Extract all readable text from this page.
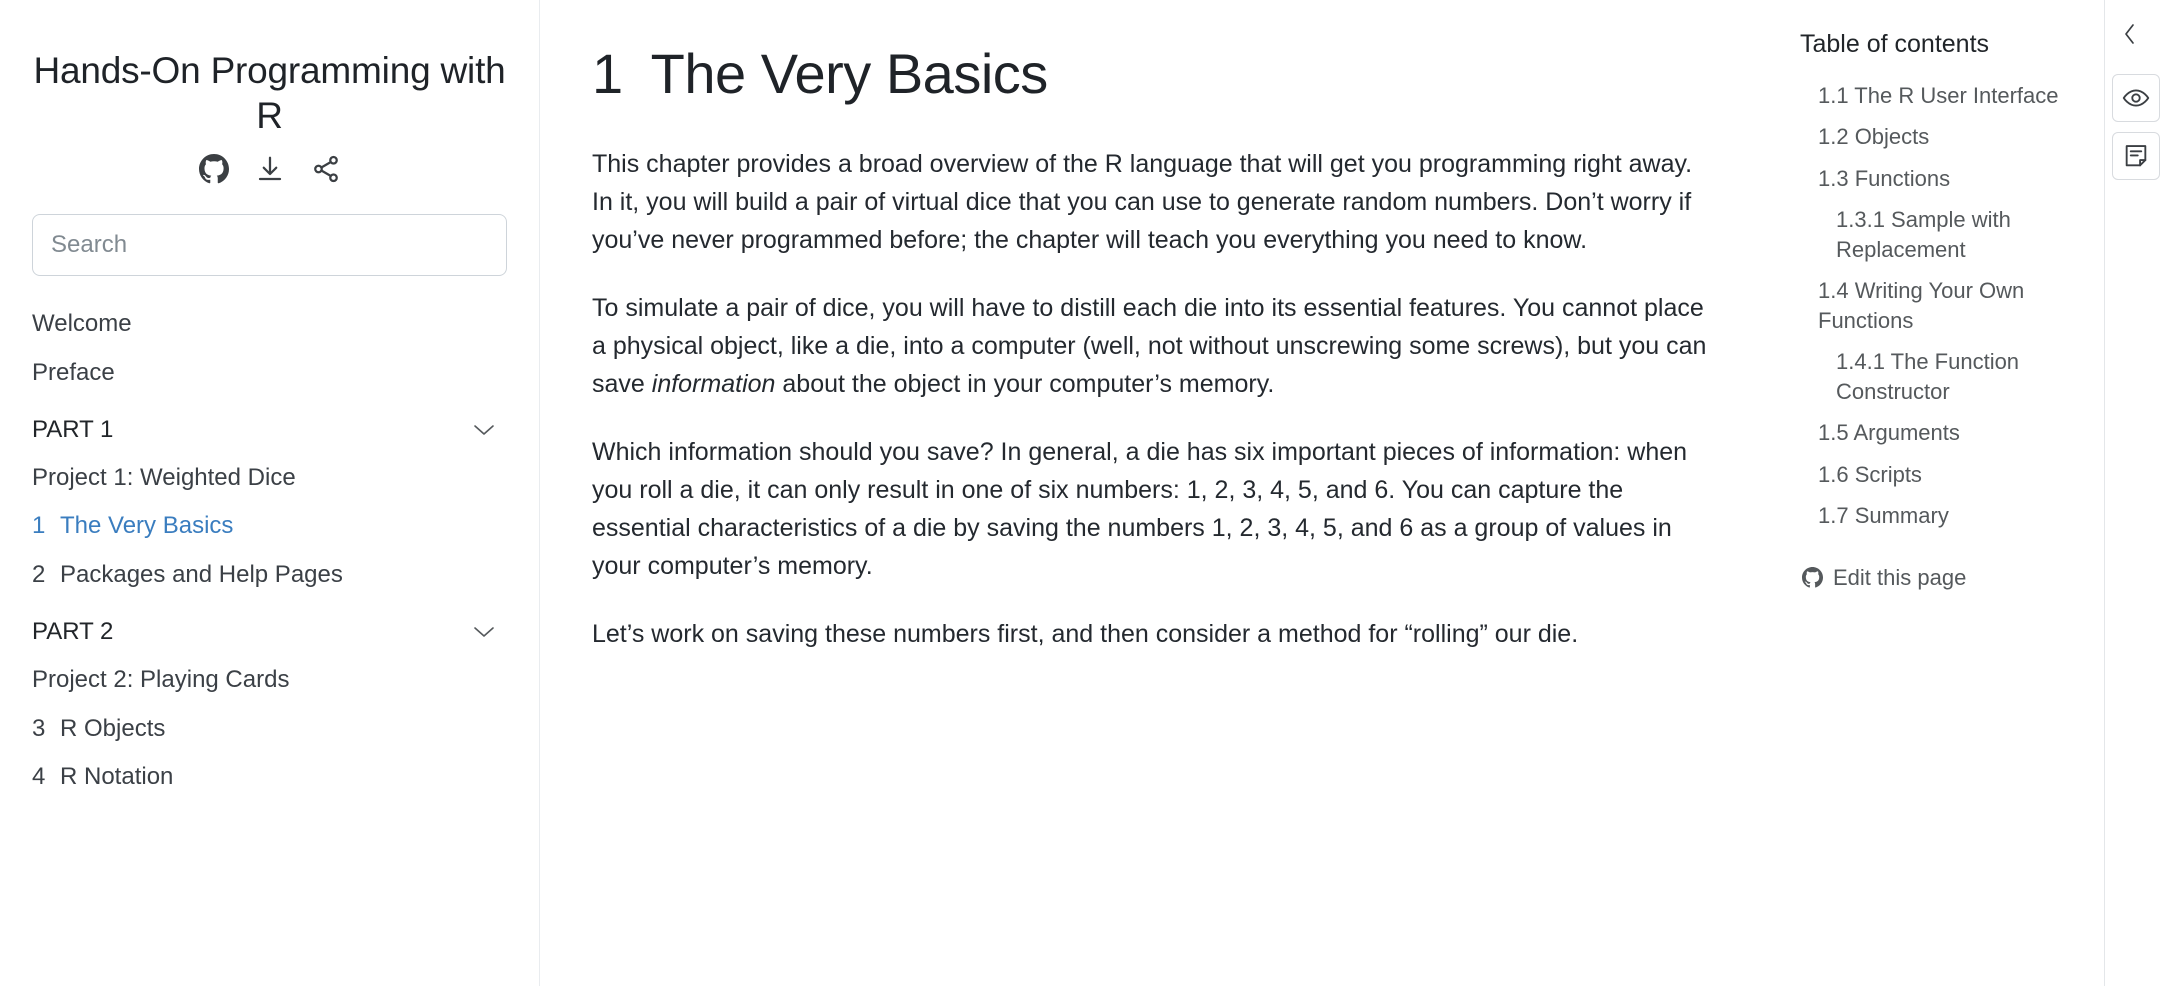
Hands-On Programming with R
Search
Welcome
Preface
PART 1
Project 1: Weighted Dice
1 The Very Basics
2 Packages and Help Pages
PART 2
Project 2: Playing Cards
3 R Objects
4 R Notation
1 The Very Basics

This chapter provides a broad overview of the R language that will get you programming right away. In it, you will build a pair of virtual dice that you can use to generate random numbers. Don’t worry if you’ve never programmed before; the chapter will teach you everything you need to know.

To simulate a pair of dice, you will have to distill each die into its essential features. You cannot place a physical object, like a die, into a computer (well, not without unscrewing some screws), but you can save information about the object in your computer’s memory.

Which information should you save? In general, a die has six important pieces of information: when you roll a die, it can only result in one of six numbers: 1, 2, 3, 4, 5, and 6. You can capture the essential characteristics of a die by saving the numbers 1, 2, 3, 4, 5, and 6 as a group of values in your computer’s memory.

Let’s work on saving these numbers first, and then consider a method for “rolling” our die.

Table of contents
1.1 The R User Interface
1.2 Objects
1.3 Functions
1.3.1 Sample with Replacement
1.4 Writing Your Own Functions
1.4.1 The Function Constructor
1.5 Arguments
1.6 Scripts
1.7 Summary
Edit this page
